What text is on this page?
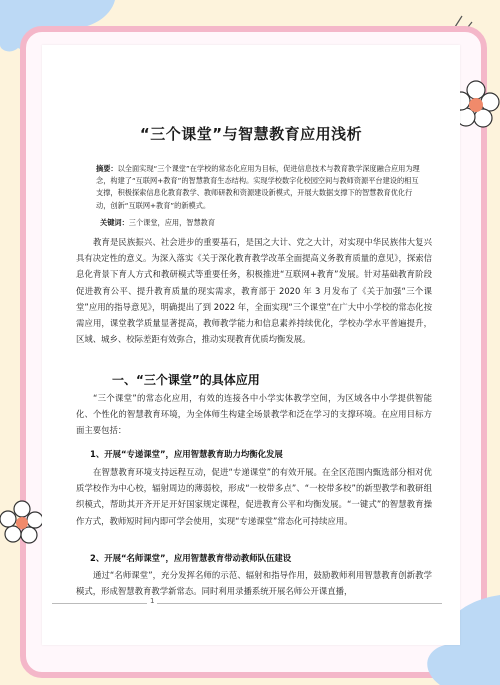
“三个课堂”与智慧教育应用浅析
摘要：以全面实现“三个课堂”在学校的常态化应用为目标，促进信息技术与教育教学深度融合应用为理念，构建了“互联网+教育”的智慧教育生态结构。实现学校数字化校园空间与教师资源平台建设的相互支撑，积极探索信息化教育教学、教师研教和资源建设新模式，开展大数据支撑下的智慧教育优化行动，创新“互联网+教育”的新模式。
关键词：三个课堂，应用，智慧教育
教育是民族振兴、社会进步的重要基石，是国之大计、党之大计，对实现中华民族伟大复兴具有决定性的意义。为深入落实《关于深化教育教学改革全面提高义务教育质量的意见》，探索信息化背景下育人方式和教研模式等重要任务，积极推进“互联网+教育”发展。针对基础教育阶段促进教育公平、提升教育质量的现实需求，教育部于 2020 年 3 月发布了《关于加强“三个课堂”应用的指导意见》，明确提出了到 2022 年，全面实现“三个课堂”在广大中小学校的常态化按需应用，课堂教学质量显著提高，教师教学能力和信息素养持续优化，学校办学水平普遍提升，区域、城乡、校际差距有效弥合，推动实现教育优质均衡发展。
一、“三个课堂”的具体应用
“三个课堂”的常态化应用，有效的连接各中小学实体教学空间，为区域各中小学提供智能化、个性化的智慧教育环境，为全体师生构建全场景教学和泛在学习的支撑环境。在应用目标方面主要包括：
1、开展“专递课堂”，应用智慧教育助力均衡化发展
在智慧教育环境支持远程互动，促进“专递课堂”的有效开展。在全区范围内甄选部分相对优质学校作为中心校，辐射周边的薄弱校，形成“一校带多点”、“一校带多校”的新型教学和教研组织模式，帮助其开齐开足开好国家规定课程，促进教育公平和均衡发展。“一键式”的智慧教育操作方式，教师短时间内即可学会使用，实现“专递课堂”常态化可持续应用。
2、开展“名师课堂”，应用智慧教育带动教师队伍建设
通过“名师课堂”，充分发挥名师的示范、辐射和指导作用，鼓励教师利用智慧教育创新教学模式，形成智慧教育教学新常态。同时利用录播系统开展名师公开课直播，
1
